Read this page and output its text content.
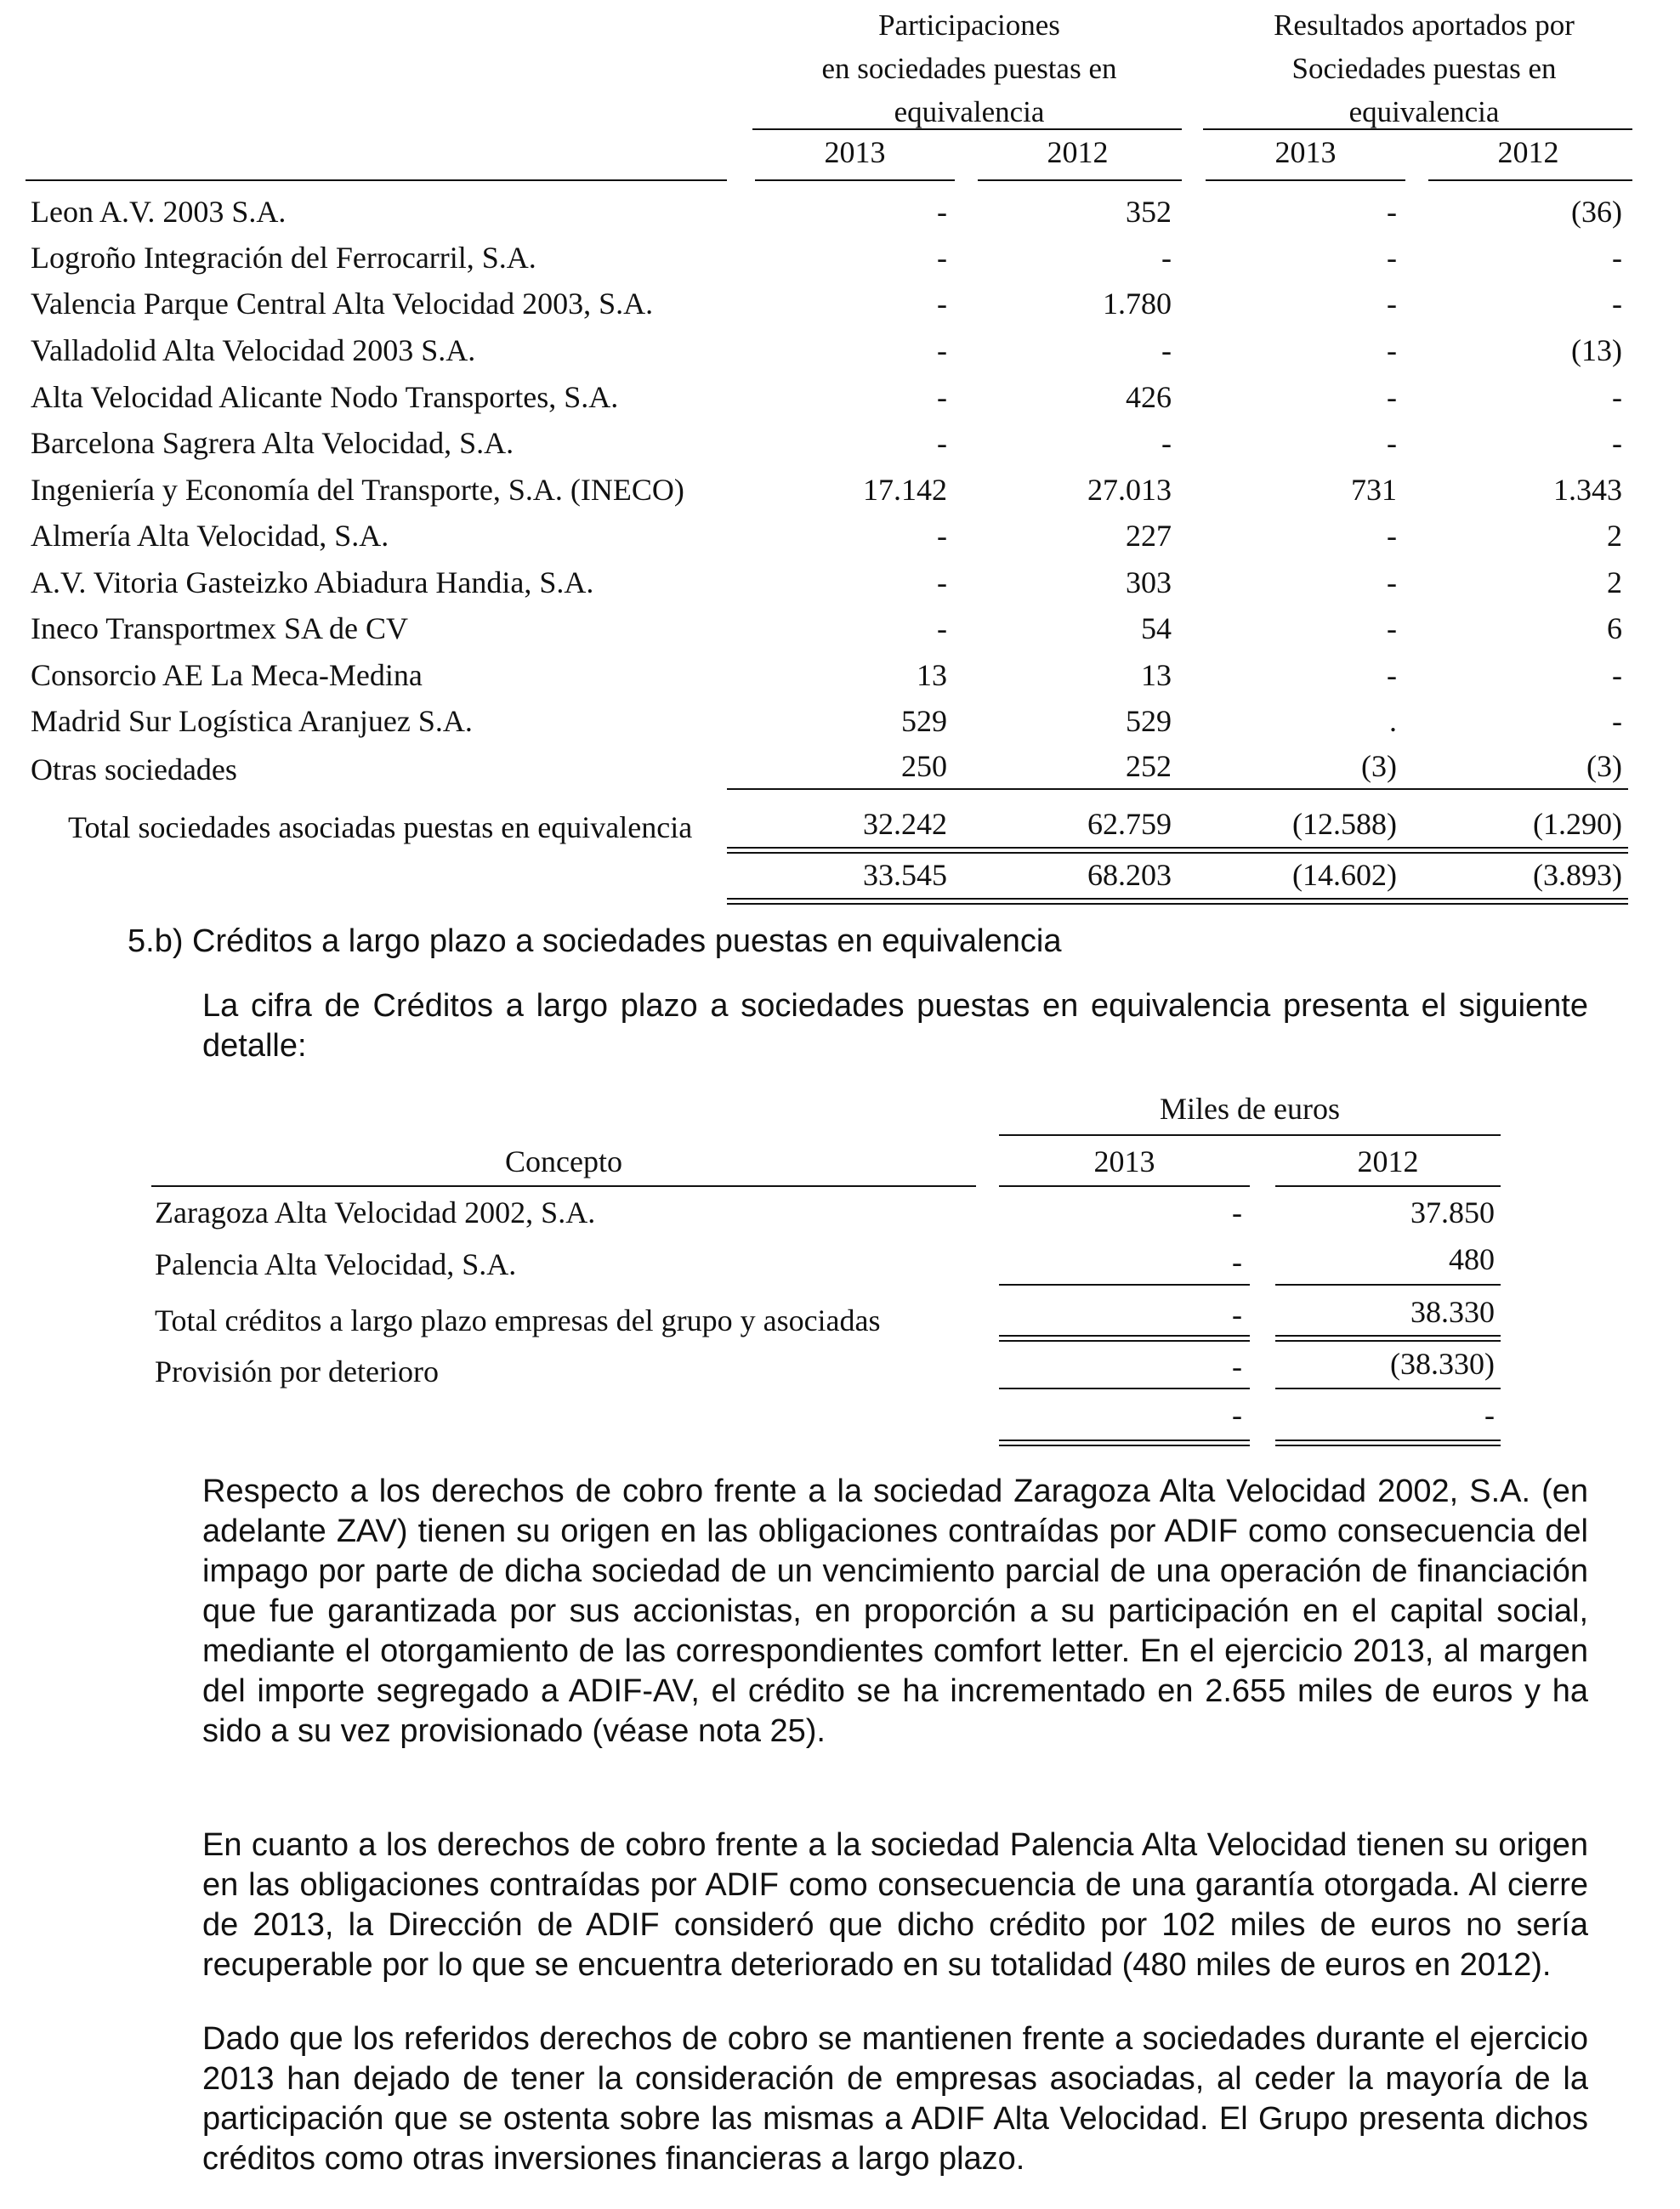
Participaciones
en sociedades puestas en
equivalencia
Resultados aportados por
Sociedades puestas en
equivalencia
2013	2012	2013	2012
Leon A.V. 2003 S.A.	-	352	-	(36)
Logroño Integración del Ferrocarril, S.A.	-	-	-	-
Valencia Parque Central Alta Velocidad 2003, S.A.	-	1.780	-	-
Valladolid Alta Velocidad 2003 S.A.	-	-	-	(13)
Alta Velocidad Alicante Nodo Transportes, S.A.	-	426	-	-
Barcelona Sagrera Alta Velocidad, S.A.	-	-	-	-
Ingeniería y Economía del Transporte, S.A. (INECO)	17.142	27.013	731	1.343
Almería Alta Velocidad, S.A.	-	227	-	2
A.V. Vitoria Gasteizko Abiadura Handia, S.A.	-	303	-	2
Ineco Transportmex SA de CV	-	54	-	6
Consorcio AE La Meca-Medina	13	13	-	-
Madrid Sur Logística Aranjuez S.A.	529	529	.	-
Otras sociedades	250	252	(3)	(3)
Total sociedades asociadas puestas en equivalencia	32.242	62.759	(12.588)	(1.290)
33.545	68.203	(14.602)	(3.893)
5.b) Créditos a largo plazo a sociedades puestas en equivalencia
La cifra de Créditos a largo plazo a sociedades puestas en equivalencia presenta el siguiente detalle:
Miles de euros
Concepto	2013	2012
Zaragoza Alta Velocidad 2002, S.A.	-	37.850
Palencia Alta Velocidad, S.A.	-	480
Total créditos a largo plazo empresas del grupo y asociadas	-	38.330
Provisión por deterioro	-	(38.330)
-	-
Respecto a los derechos de cobro frente a la sociedad Zaragoza Alta Velocidad 2002, S.A. (en adelante ZAV) tienen su origen en las obligaciones contraídas por ADIF como consecuencia del impago por parte de dicha sociedad de un vencimiento parcial de una operación de financiación que fue garantizada por sus accionistas, en proporción a su participación en el capital social, mediante el otorgamiento de las correspondientes comfort letter. En el ejercicio 2013, al margen del importe segregado a ADIF-AV, el crédito se ha incrementado en 2.655 miles de euros y ha sido a su vez provisionado (véase nota 25).
En cuanto a los derechos de cobro frente a la sociedad Palencia Alta Velocidad tienen su origen en las obligaciones contraídas por ADIF como consecuencia de una garantía otorgada. Al cierre de 2013, la Dirección de ADIF consideró que dicho crédito por 102 miles de euros no sería recuperable por lo que se encuentra deteriorado en su totalidad (480 miles de euros en 2012).
Dado que los referidos derechos de cobro se mantienen frente a sociedades durante el ejercicio 2013 han dejado de tener la consideración de empresas asociadas, al ceder la mayoría de la participación que se ostenta sobre las mismas a ADIF Alta Velocidad. El Grupo presenta dichos créditos como otras inversiones financieras a largo plazo.
